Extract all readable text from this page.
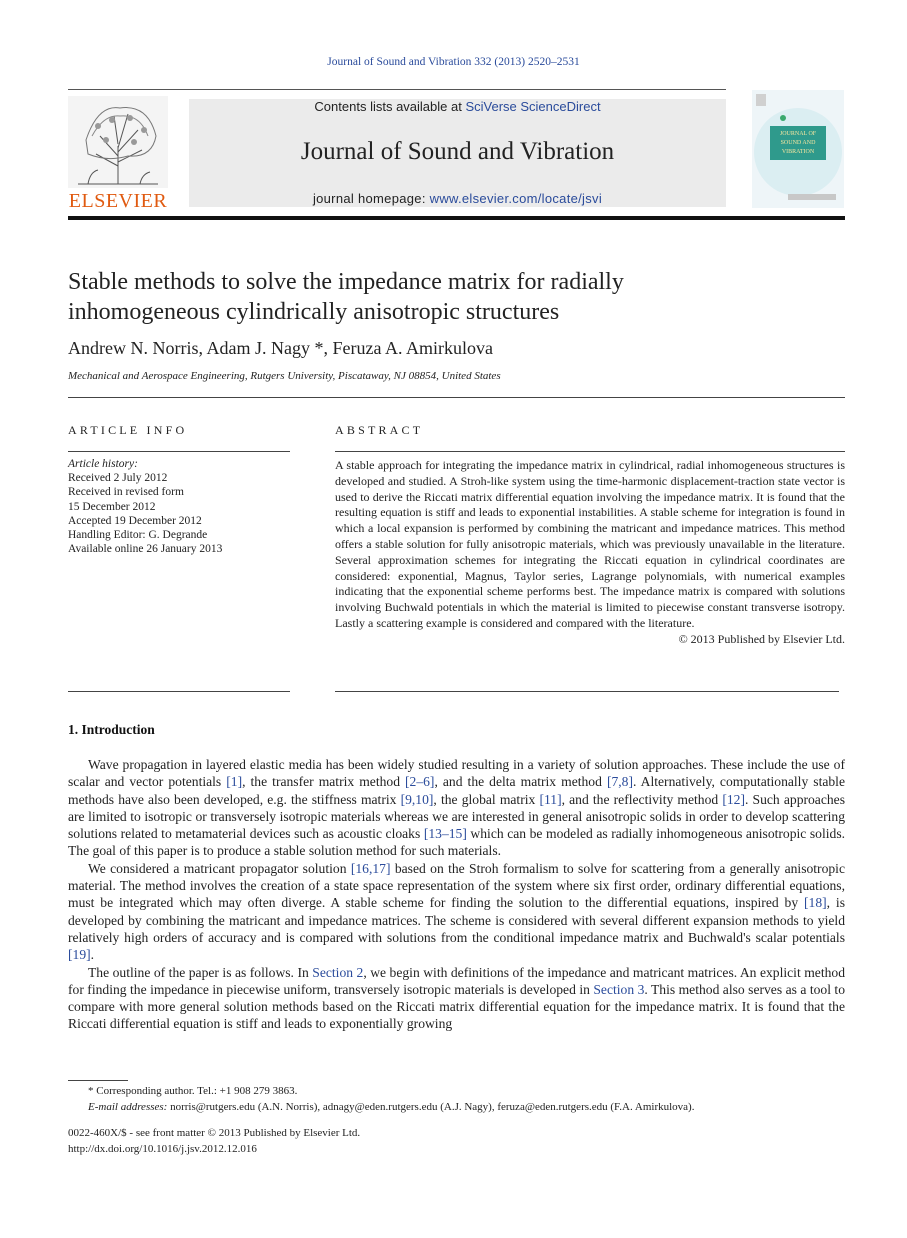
Journal of Sound and Vibration 332 (2013) 2520–2531
ELSEVIER
Contents lists available at SciVerse ScienceDirect
Journal of Sound and Vibration
journal homepage: www.elsevier.com/locate/jsvi
JOURNAL OF
SOUND AND
VIBRATION
Stable methods to solve the impedance matrix for radially
inhomogeneous cylindrically anisotropic structures
Andrew N. Norris, Adam J. Nagy *, Feruza A. Amirkulova
Mechanical and Aerospace Engineering, Rutgers University, Piscataway, NJ 08854, United States
ARTICLE INFO
Article history:
Received 2 July 2012
Received in revised form
15 December 2012
Accepted 19 December 2012
Handling Editor: G. Degrande
Available online 26 January 2013
ABSTRACT
A stable approach for integrating the impedance matrix in cylindrical, radial inhomogeneous structures is developed and studied. A Stroh-like system using the time-harmonic displacement-traction state vector is used to derive the Riccati matrix differential equation involving the impedance matrix. It is found that the resulting equation is stiff and leads to exponential instabilities. A stable scheme for integration is found in which a local expansion is performed by combining the matricant and impedance matrices. This method offers a stable solution for fully anisotropic materials, which was previously unavailable in the literature. Several approximation schemes for integrating the Riccati equation in cylindrical coordinates are considered: exponential, Magnus, Taylor series, Lagrange polynomials, with numerical examples indicating that the exponential scheme performs best. The impedance matrix is compared with solutions involving Buchwald potentials in which the material is limited to piecewise constant transverse isotropy. Lastly a scattering example is considered and compared with the literature.
© 2013 Published by Elsevier Ltd.
1. Introduction

Wave propagation in layered elastic media has been widely studied resulting in a variety of solution approaches. These include the use of scalar and vector potentials [1], the transfer matrix method [2–6], and the delta matrix method [7,8]. Alternatively, computationally stable methods have also been developed, e.g. the stiffness matrix [9,10], the global matrix [11], and the reflectivity method [12]. Such approaches are limited to isotropic or transversely isotropic materials whereas we are interested in general anisotropic solids in order to develop scattering solutions related to metamaterial devices such as acoustic cloaks [13–15] which can be modeled as radially inhomogeneous anisotropic solids. The goal of this paper is to produce a stable solution method for such materials.

We considered a matricant propagator solution [16,17] based on the Stroh formalism to solve for scattering from a generally anisotropic material. The method involves the creation of a state space representation of the system where six first order, ordinary differential equations, must be integrated which may often diverge. A stable scheme for finding the solution to the differential equations, inspired by [18], is developed by combining the matricant and impedance matrices. The scheme is considered with several different expansion methods to yield relatively high orders of accuracy and is compared with solutions from the conditional impedance matrix and Buchwald's scalar potentials [19].

The outline of the paper is as follows. In Section 2, we begin with definitions of the impedance and matricant matrices. An explicit method for finding the impedance in piecewise uniform, transversely isotropic materials is developed in Section 3. This method also serves as a tool to compare with more general solution methods based on the Riccati matrix differential equation for the impedance matrix. It is found that the Riccati differential equation is stiff and leads to exponentially growing

* Corresponding author. Tel.: +1 908 279 3863.
E-mail addresses: norris@rutgers.edu (A.N. Norris), adnagy@eden.rutgers.edu (A.J. Nagy), feruza@eden.rutgers.edu (F.A. Amirkulova).
0022-460X/$ - see front matter © 2013 Published by Elsevier Ltd.
http://dx.doi.org/10.1016/j.jsv.2012.12.016
